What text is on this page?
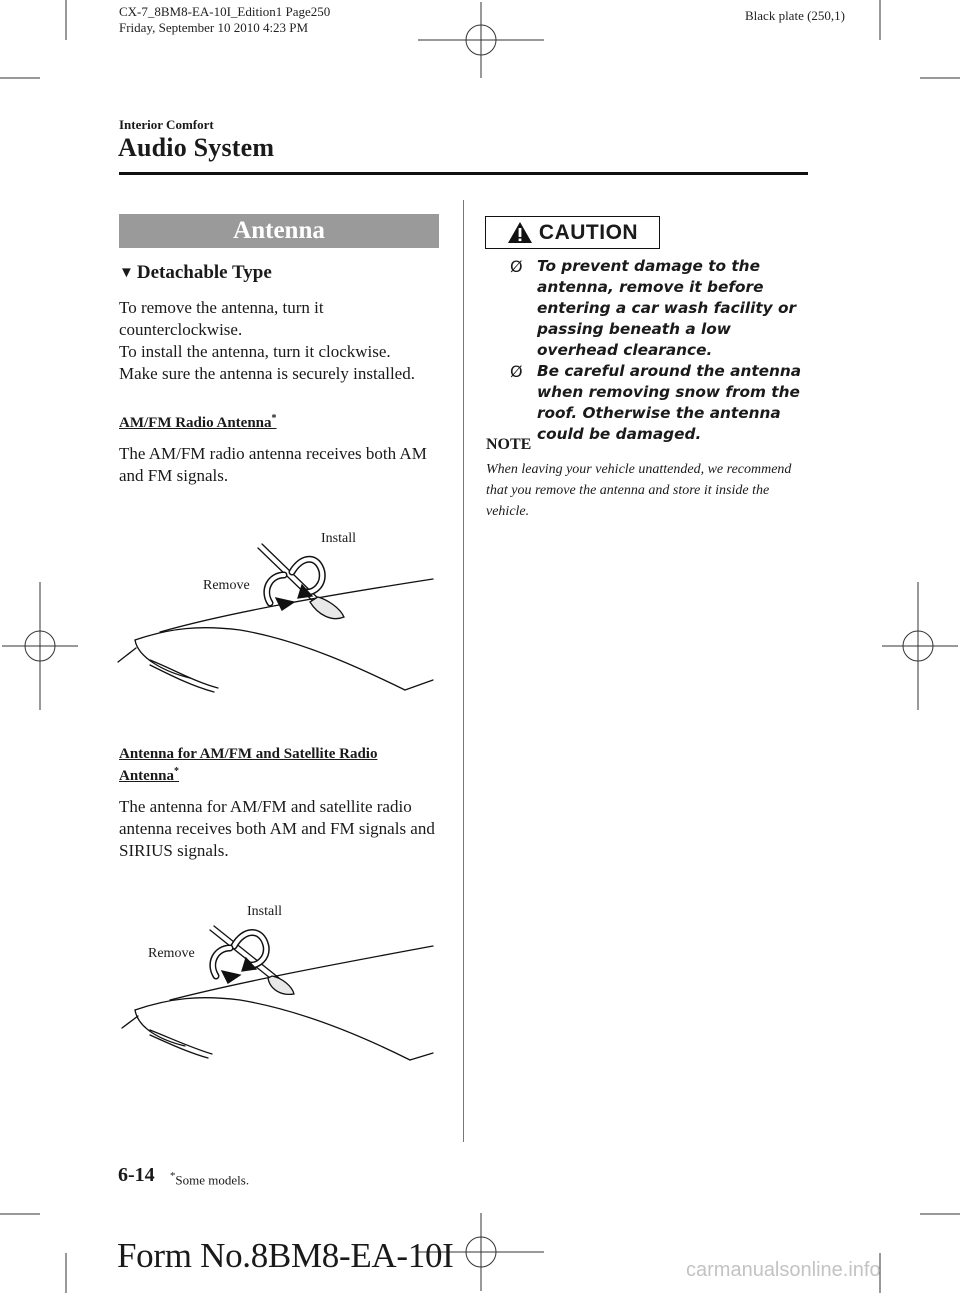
CX-7_8BM8-EA-10I_Edition1 Page250
Friday, September 10 2010 4:23 PM
Black plate (250,1)
Interior Comfort
Audio System
Antenna
▼ Detachable Type

To remove the antenna, turn it counterclockwise.

To install the antenna, turn it clockwise.

Make sure the antenna is securely installed.

AM/FM Radio Antenna*
The AM/FM radio antenna receives both AM and FM signals.
Install
Remove
Antenna for AM/FM and Satellite Radio Antenna*
The antenna for AM/FM and satellite radio antenna receives both AM and FM signals and SIRIUS signals.
Install
Remove
CAUTION
Ø To prevent damage to the antenna, remove it before entering a car wash facility or passing beneath a low overhead clearance.
Ø Be careful around the antenna when removing snow from the roof. Otherwise the antenna could be damaged.
NOTE
When leaving your vehicle unattended, we recommend that you remove the antenna and store it inside the vehicle.
6-14 *Some models.
Form No.8BM8-EA-10I	carmanualsonline.info
